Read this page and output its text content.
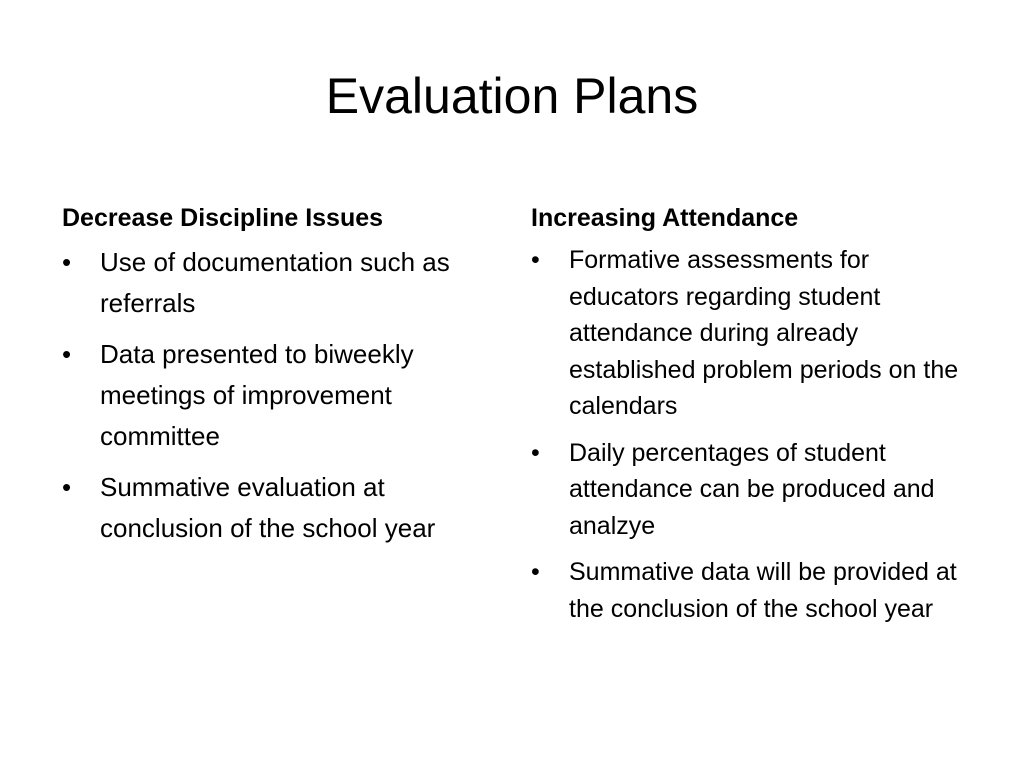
Evaluation Plans
Decrease Discipline Issues
•	Use of documentation such as referrals
•	Data presented to biweekly meetings of improvement committee
•	Summative evaluation at conclusion of the school year
Increasing Attendance
•	Formative assessments for educators regarding student attendance during already established problem periods on the calendars
•	Daily percentages of student attendance can be produced and analzye
•	Summative data will be provided at the conclusion of the school year
